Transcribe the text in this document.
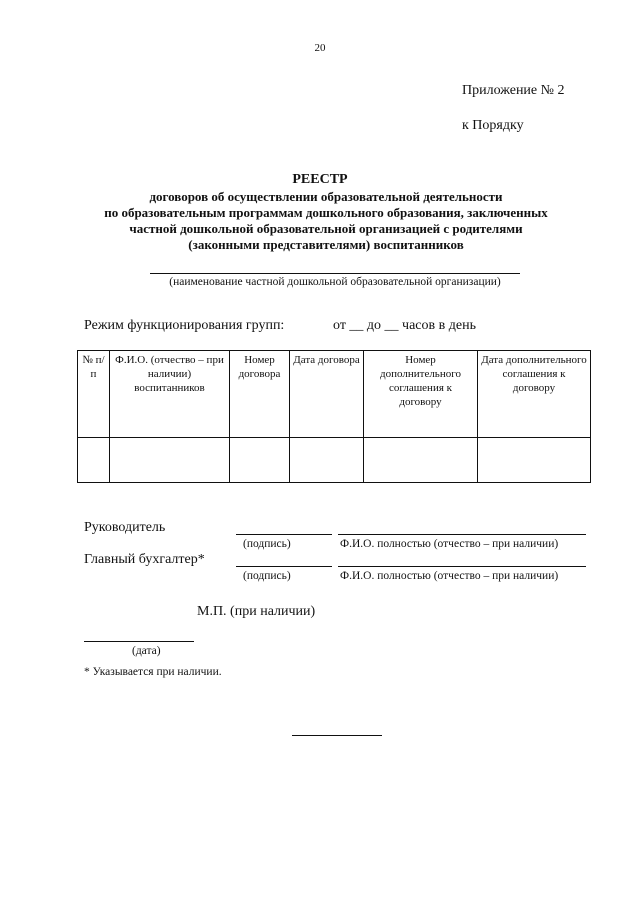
20
Приложение № 2
к Порядку
РЕЕСТР
договоров об осуществлении образовательной деятельности
по образовательным программам дошкольного образования, заключенных
частной дошкольной образовательной организацией с родителями
(законными представителями) воспитанников
(наименование частной дошкольной образовательной организации)
Режим функционирования групп:	от __ до __ часов в день
№ п/п	Ф.И.О. (отчество – при наличии) воспитанников	Номер договора	Дата договора	Номер дополнительного соглашения к договору	Дата дополнительного соглашения к договору

Руководитель
(подпись)	Ф.И.О. полностью (отчество – при наличии)
Главный бухгалтер*
(подпись)	Ф.И.О. полностью (отчество – при наличии)
М.П. (при наличии)
(дата)
* Указывается при наличии.
